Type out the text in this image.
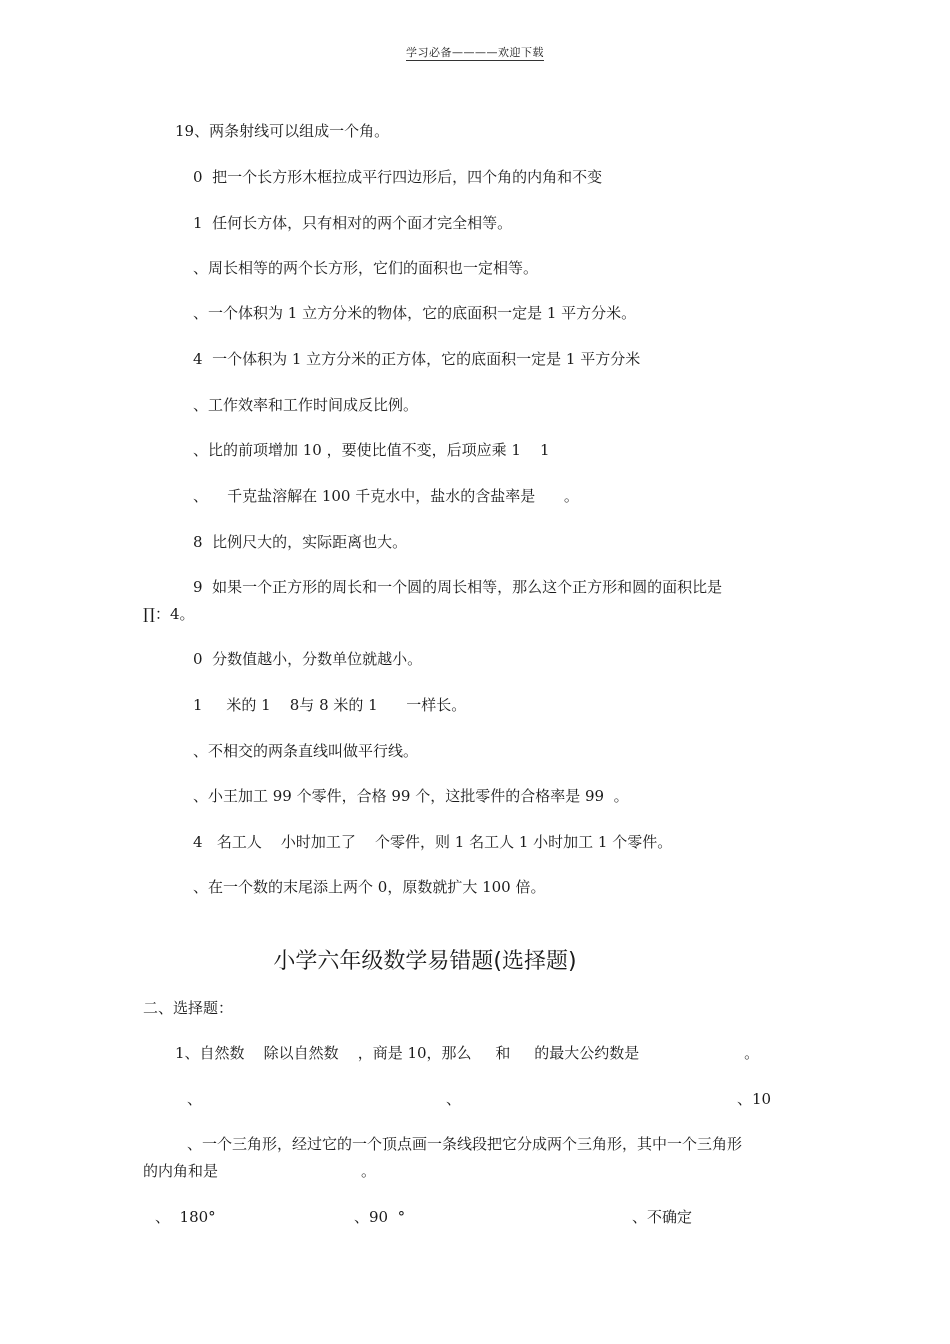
学习必备————欢迎下载
19、两条射线可以组成一个角。
0  把一个长方形木框拉成平行四边形后，四个角的内角和不变
1  任何长方体，只有相对的两个面才完全相等。
、周长相等的两个长方形，它们的面积也一定相等。
、一个体积为 1 立方分米的物体，它的底面积一定是 1 平方分米。
4  一个体积为 1 立方分米的正方体，它的底面积一定是 1 平方分米
、工作效率和工作时间成反比例。
、比的前项增加 10 ，要使比值不变，后项应乘 1    1
、    千克盐溶解在 100 千克水中，盐水的含盐率是      。
8  比例尺大的，实际距离也大。
9  如果一个正方形的周长和一个圆的周长相等，那么这个正方形和圆的面积比是
∏：4。
0  分数值越小，分数单位就越小。
1     米的 1    8与 8 米的 1      一样长。
、不相交的两条直线叫做平行线。
、小王加工 99 个零件，合格 99 个，这批零件的合格率是 99  。
4   名工人    小时加工了    个零件，则 1 名工人 1 小时加工 1 个零件。
、在一个数的末尾添上两个 0，原数就扩大 100 倍。
小学六年级数学易错题(选择题)
二、选择题：
1、自然数    除以自然数    ，商是 10，那么     和     的最大公约数是                      。
、	、	、10
、一个三角形，经过它的一个顶点画一条线段把它分成两个三角形，其中一个三角形
的内角和是                              。
、  180°	、90  °	、不确定
